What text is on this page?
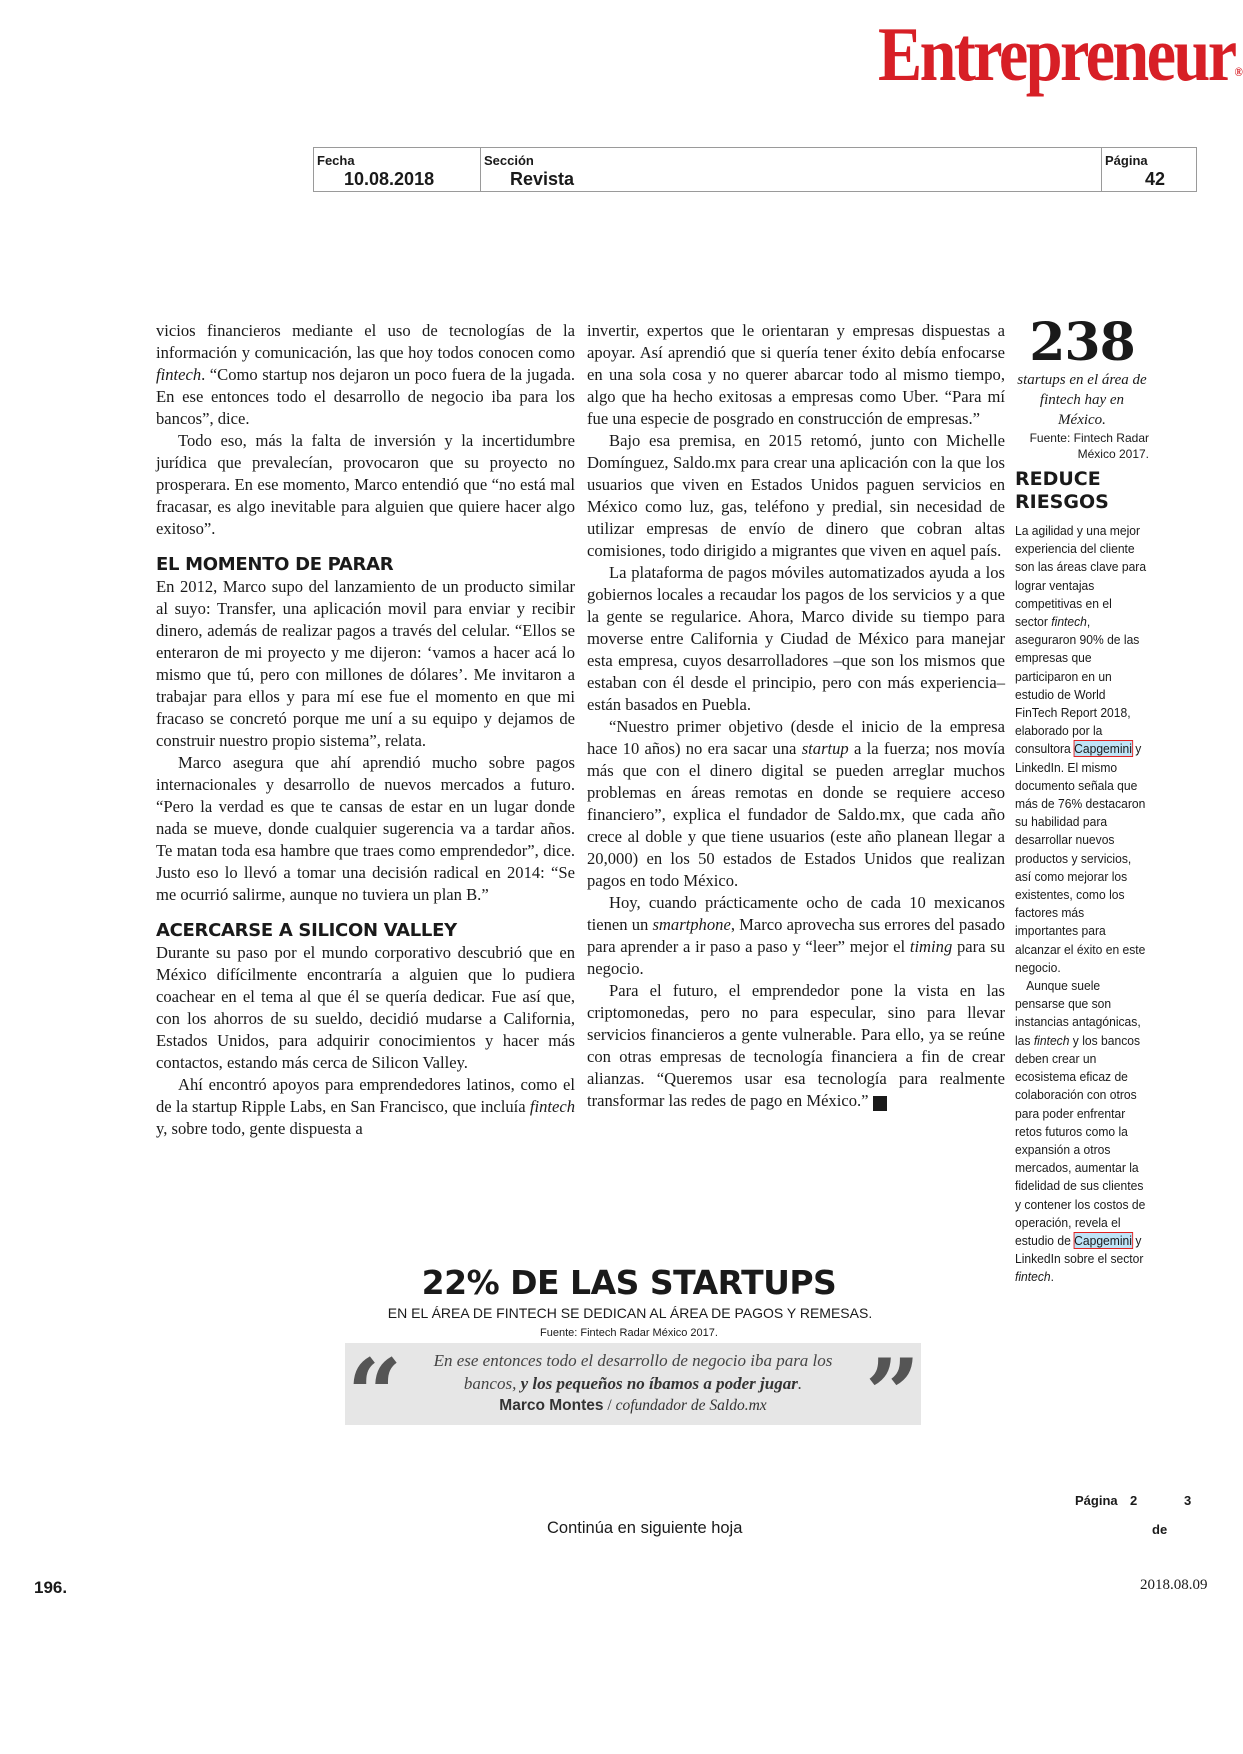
Entrepreneur®
Fecha
10.08.2018
Sección
Revista
Página
42

vicios financieros mediante el uso de tecnologías de la información y comunicación, las que hoy todos conocen como fintech. “Como startup nos dejaron un poco fuera de la jugada. En ese entonces todo el desarrollo de negocio iba para los bancos”, dice.

Todo eso, más la falta de inversión y la incertidumbre jurídica que prevalecían, provocaron que su proyecto no prosperara. En ese momento, Marco entendió que “no está mal fracasar, es algo inevitable para alguien que quiere hacer algo exitoso”.

EL MOMENTO DE PARAR

En 2012, Marco supo del lanzamiento de un producto similar al suyo: Transfer, una aplicación movil para enviar y recibir dinero, además de realizar pagos a través del celular. “Ellos se enteraron de mi proyecto y me dijeron: ‘vamos a hacer acá lo mismo que tú, pero con millones de dólares’. Me invitaron a trabajar para ellos y para mí ese fue el momento en que mi fracaso se concretó porque me uní a su equipo y dejamos de construir nuestro propio sistema”, relata.

Marco asegura que ahí aprendió mucho sobre pagos internacionales y desarrollo de nuevos mercados a futuro. “Pero la verdad es que te cansas de estar en un lugar donde nada se mueve, donde cualquier sugerencia va a tardar años. Te matan toda esa hambre que traes como emprendedor”, dice. Justo eso lo llevó a tomar una decisión radical en 2014: “Se me ocurrió salirme, aunque no tuviera un plan B.”

ACERCARSE A SILICON VALLEY

Durante su paso por el mundo corporativo descubrió que en México difícilmente encontraría a alguien que lo pudiera coachear en el tema al que él se quería dedicar. Fue así que, con los ahorros de su sueldo, decidió mudarse a California, Estados Unidos, para adquirir conocimientos y hacer más contactos, estando más cerca de Silicon Valley.

Ahí encontró apoyos para emprendedores latinos, como el de la startup Ripple Labs, en San Francisco, que incluía fintech y, sobre todo, gente dispuesta a

invertir, expertos que le orientaran y empresas dispuestas a apoyar. Así aprendió que si quería tener éxito debía enfocarse en una sola cosa y no querer abarcar todo al mismo tiempo, algo que ha hecho exitosas a empresas como Uber. “Para mí fue una especie de posgrado en construcción de empresas.”

Bajo esa premisa, en 2015 retomó, junto con Michelle Domínguez, Saldo.mx para crear una aplicación con la que los usuarios que viven en Estados Unidos paguen servicios en México como luz, gas, teléfono y predial, sin necesidad de utilizar empresas de envío de dinero que cobran altas comisiones, todo dirigido a migrantes que viven en aquel país.

La plataforma de pagos móviles automatizados ayuda a los gobiernos locales a recaudar los pagos de los servicios y a que la gente se regularice. Ahora, Marco divide su tiempo para moverse entre California y Ciudad de México para manejar esta empresa, cuyos desarrolladores –que son los mismos que estaban con él desde el principio, pero con más experiencia– están basados en Puebla.

“Nuestro primer objetivo (desde el inicio de la empresa hace 10 años) no era sacar una startup a la fuerza; nos movía más que con el dinero digital se pueden arreglar muchos problemas en áreas remotas en donde se requiere acceso financiero”, explica el fundador de Saldo.mx, que cada año crece al doble y que tiene usuarios (este año planean llegar a 20,000) en los 50 estados de Estados Unidos que realizan pagos en todo México.

Hoy, cuando prácticamente ocho de cada 10 mexicanos tienen un smartphone, Marco aprovecha sus errores del pasado para aprender a ir paso a paso y “leer” mejor el timing para su negocio.

Para el futuro, el emprendedor pone la vista en las criptomonedas, pero no para especular, sino para llevar servicios financieros a gente vulnerable. Para ello, ya se reúne con otras empresas de tecnología financiera a fin de crear alianzas. “Queremos usar esa tecnología para realmente transformar las redes de pago en México.” E

238
startups en el área de fintech hay en México.
Fuente: Fintech Radar México 2017.
REDUCE RIESGOS

La agilidad y una mejor experiencia del cliente son las áreas clave para lograr ventajas competitivas en el sector fintech, aseguraron 90% de las empresas que participaron en un estudio de World FinTech Report 2018, elaborado por la consultora Capgemini y LinkedIn. El mismo documento señala que más de 76% destacaron su habilidad para desarrollar nuevos productos y servicios, así como mejorar los existentes, como los factores más importantes para alcanzar el éxito en este negocio.

Aunque suele pensarse que son instancias antagónicas, las fintech y los bancos deben crear un ecosistema eficaz de colaboración con otros para poder enfrentar retos futuros como la expansión a otros mercados, aumentar la fidelidad de sus clientes y contener los costos de operación, revela el estudio de Capgemini y LinkedIn sobre el sector fintech.

22% DE LAS STARTUPS
EN EL ÁREA DE FINTECH SE DEDICAN AL ÁREA DE PAGOS Y REMESAS.
Fuente: Fintech Radar México 2017.
“	En ese entonces todo el desarrollo de negocio iba para los bancos, y los pequeños no íbamos a poder jugar.
Marco Montes / cofundador de Saldo.mx	”
Página 2	3
de
Continúa en siguiente hoja
196.	2018.08.09
